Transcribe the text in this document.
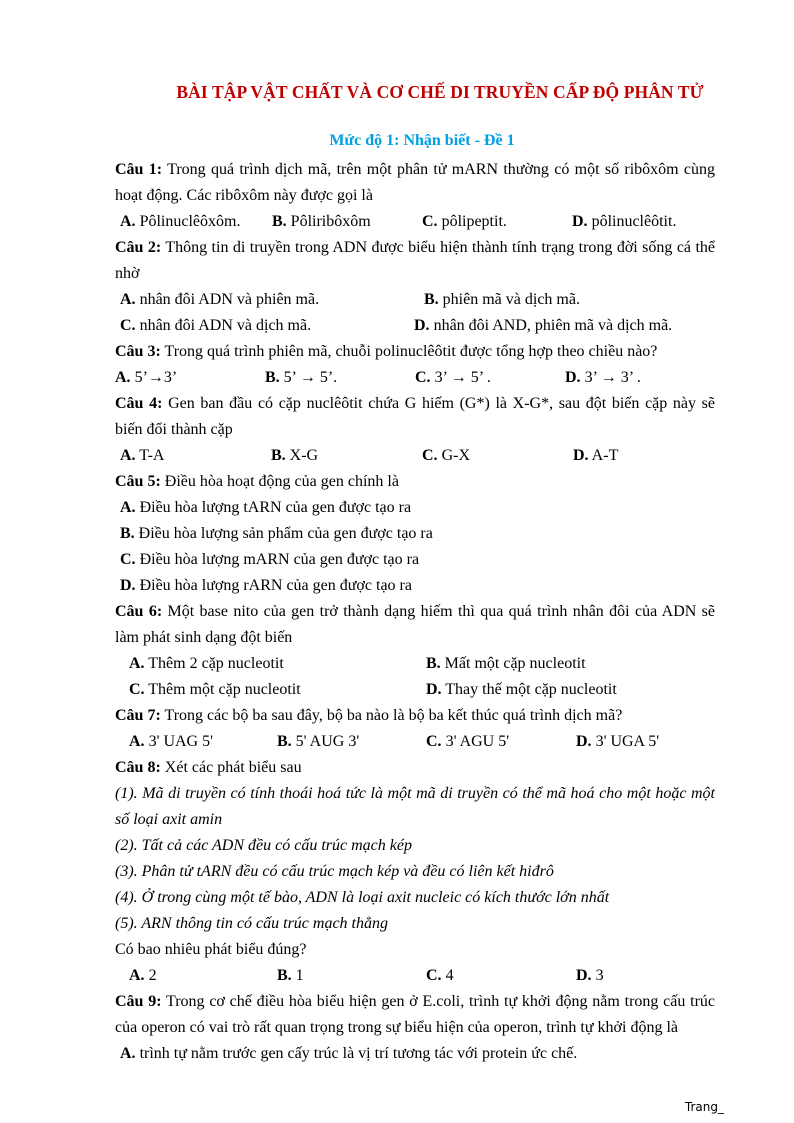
BÀI TẬP VẬT CHẤT VÀ CƠ CHẾ DI TRUYỀN CẤP ĐỘ PHÂN TỬ
Mức độ 1: Nhận biết - Đề 1
Câu 1: Trong quá trình dịch mã, trên một phân tử mARN thường có một số ribôxôm cùng hoạt động. Các ribôxôm này được gọi là
A. Pôlinuclêôxôm.	B. Pôliribôxôm	C. pôlipeptit.	D. pôlinuclêôtit.
Câu 2: Thông tin di truyền trong ADN được biểu hiện thành tính trạng trong đời sống cá thể nhờ
A. nhân đôi ADN và phiên mã.	B. phiên mã và dịch mã.
C. nhân đôi ADN và dịch mã.	D. nhân đôi AND, phiên mã và dịch mã.
Câu 3: Trong quá trình phiên mã, chuỗi polinuclêôtit được tổng hợp theo chiều nào?
A. 5’→3’	B. 5’ → 5’.	C. 3’ → 5’ .	D. 3’ → 3’ .
Câu 4: Gen ban đầu có cặp nuclêôtit chứa G hiếm (G*) là X-G*, sau đột biến cặp này sẽ biến đổi thành cặp
A. T-A	B. X-G	C. G-X	D. A-T
Câu 5: Điều hòa hoạt động của gen chính là
A. Điều hòa lượng tARN của gen được tạo ra
B. Điều hòa lượng sản phẩm của gen được tạo ra
C. Điều hòa lượng mARN của gen được tạo ra
D. Điều hòa lượng rARN của gen được tạo ra
Câu 6: Một base nito của gen trở thành dạng hiếm thì qua quá trình nhân đôi của ADN sẽ làm phát sinh dạng đột biến
A. Thêm 2 cặp nucleotit	B. Mất một cặp nucleotit
C. Thêm một cặp nucleotit	D. Thay thế một cặp nucleotit
Câu 7: Trong các bộ ba sau đây, bộ ba nào là bộ ba kết thúc quá trình dịch mã?
A. 3' UAG 5'	B. 5' AUG 3'	C. 3' AGU 5'	D. 3' UGA 5'
Câu 8: Xét các phát biểu sau
(1). Mã di truyền có tính thoái hoá tức là một mã di truyền có thể mã hoá cho một hoặc một số loại axit amin
(2). Tất cả các ADN đều có cấu trúc mạch kép
(3). Phân tử tARN đều có cấu trúc mạch kép và đều có liên kết hiđrô
(4). Ở trong cùng một tế bào, ADN là loại axit nucleic có kích thước lớn nhất
(5). ARN thông tin có cấu trúc mạch thẳng
Có bao nhiêu phát biểu đúng?
A. 2	B. 1	C. 4	D. 3
Câu 9: Trong cơ chế điều hòa biểu hiện gen ở E.coli, trình tự khởi động nằm trong cấu trúc của operon có vai trò rất quan trọng trong sự biểu hiện của operon, trình tự khởi động là
A. trình tự nằm trước gen cấy trúc là vị trí tương tác với protein ức chế.
Trang_
